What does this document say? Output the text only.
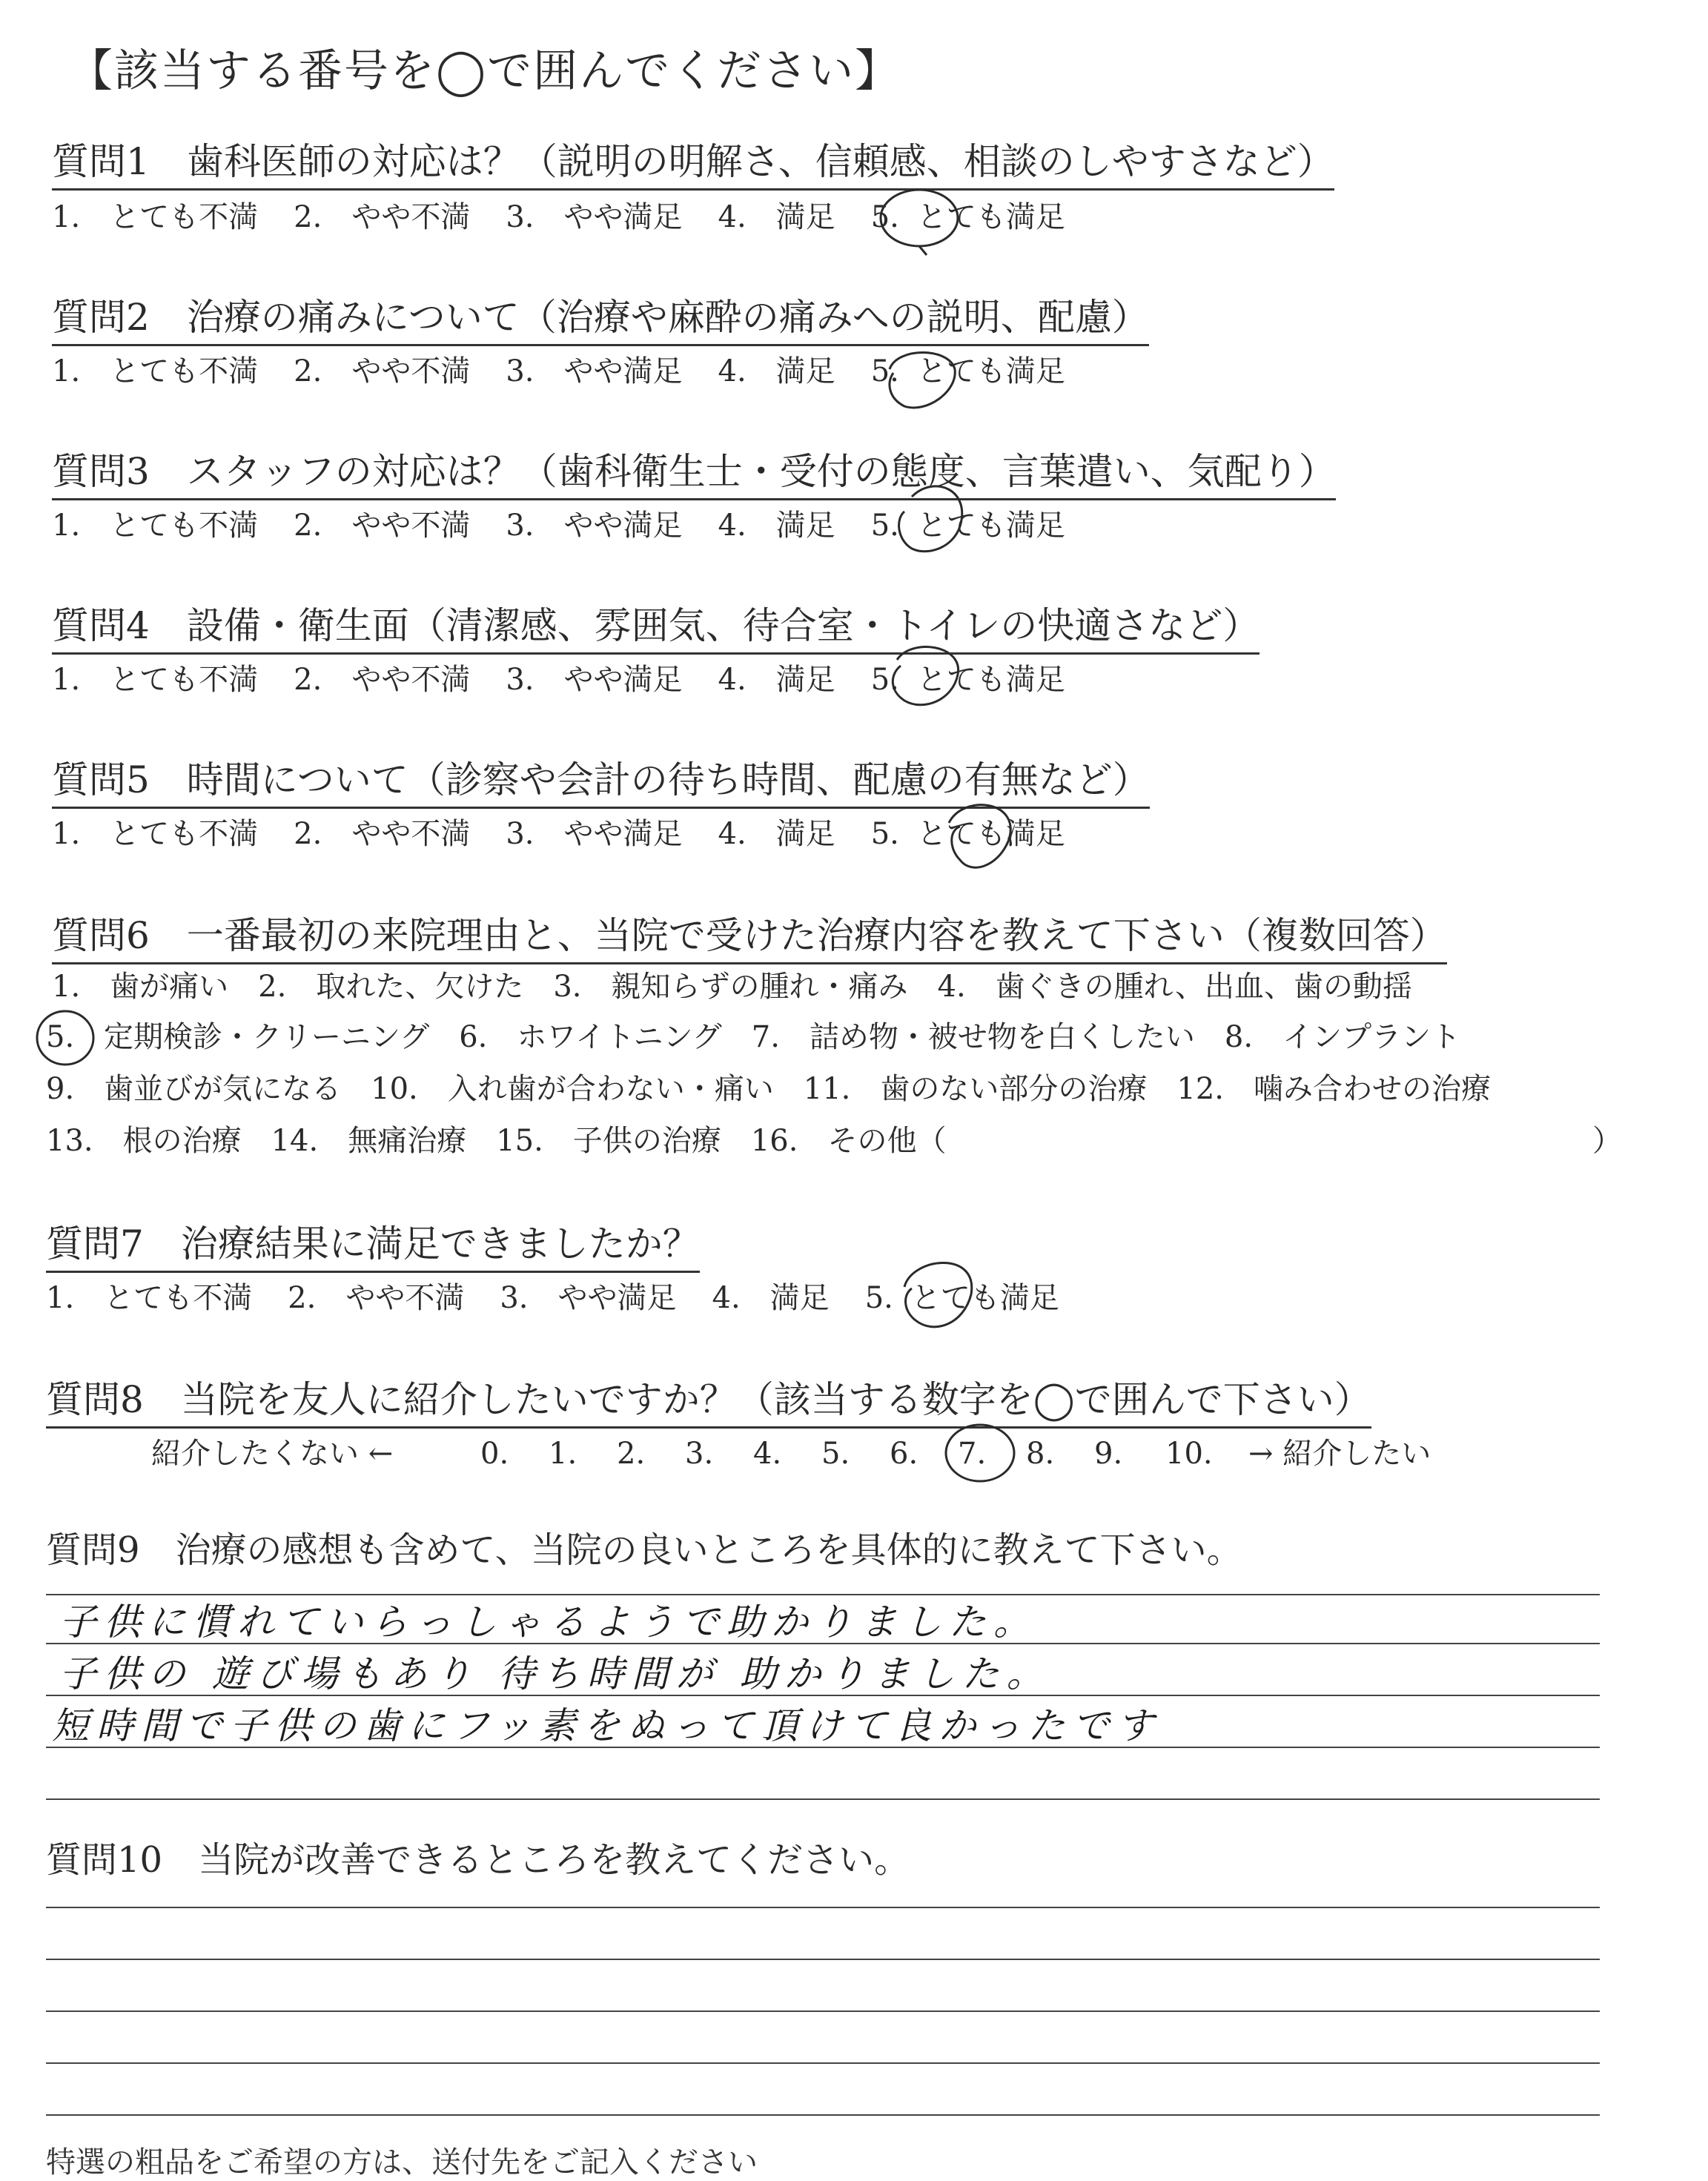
【該当する番号を◯で囲んでください】
質問1　歯科医師の対応は？（説明の明解さ、信頼感、相談のしやすさなど）
1.　とても不満 2.　やや不満 3.　やや満足 4.　満足 5. とても満足
質問2　治療の痛みについて（治療や麻酔の痛みへの説明、配慮）
1.　とても不満 2.　やや不満 3.　やや満足 4.　満足 5. とても満足
質問3　スタッフの対応は？（歯科衛生士・受付の態度、言葉遣い、気配り）
1.　とても不満 2.　やや不満 3.　やや満足 4.　満足 5. とても満足
質問4　設備・衛生面（清潔感、雰囲気、待合室・トイレの快適さなど）
1.　とても不満 2.　やや不満 3.　やや満足 4.　満足 5. とても満足
質問5　時間について（診察や会計の待ち時間、配慮の有無など）
1.　とても不満 2.　やや不満 3.　やや満足 4.　満足 5. とても満足
質問6　一番最初の来院理由と、当院で受けた治療内容を教えて下さい（複数回答）
1.　歯が痛い　2.　取れた、欠けた　3.　親知らずの腫れ・痛み　4.　歯ぐきの腫れ、出血、歯の動揺
5. 定期検診・クリーニング　6.　ホワイトニング　7.　詰め物・被せ物を白くしたい　8.　インプラント
9.　歯並びが気になる　10.　入れ歯が合わない・痛い　11.　歯のない部分の治療　12.　噛み合わせの治療
13.　根の治療　14.　無痛治療　15.　子供の治療　16.　その他（	）
質問7　治療結果に満足できましたか？
1.　とても不満 2.　やや不満 3.　やや満足 4.　満足 5. とても満足
質問8　当院を友人に紹介したいですか？（該当する数字を◯で囲んで下さい）
紹介したくない ←	0. 1. 2. 3. 4. 5. 6. 7. 8. 9. 10. → 紹介したい
質問9　治療の感想も含めて、当院の良いところを具体的に教えて下さい。
子供に慣れていらっしゃるようで助かりました。
子供の 遊び場もあり 待ち時間が 助かりました。
短時間で子供の歯にフッ素をぬって頂けて良かったです
質問10　当院が改善できるところを教えてください。
特選の粗品をご希望の方は、送付先をご記入ください
